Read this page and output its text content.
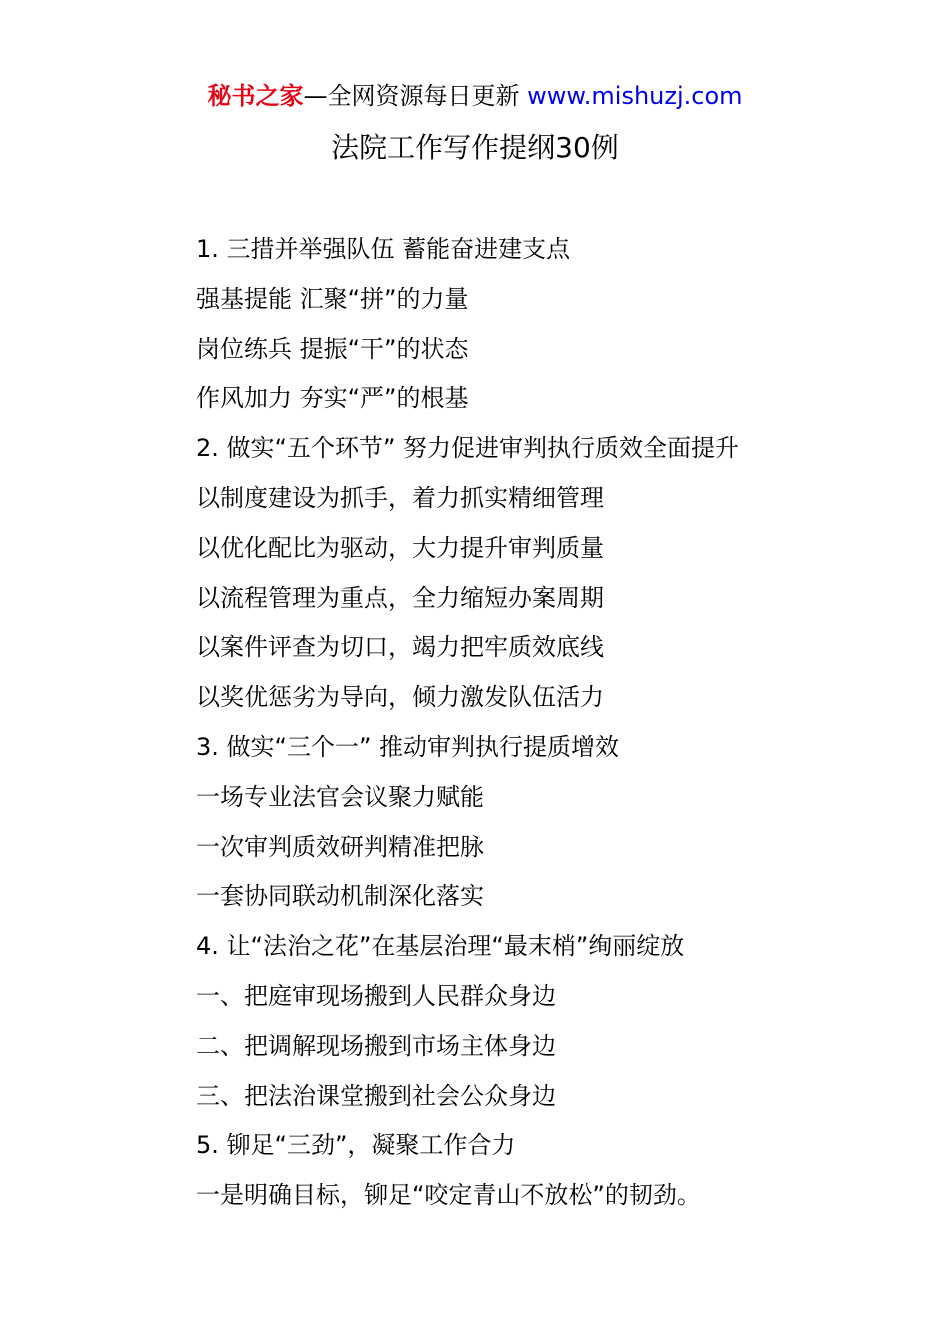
秘书之家—全网资源每日更新 www.mishuzj.com
法院工作写作提纲30例
1. 三措并举强队伍 蓄能奋进建支点
强基提能 汇聚“拼”的力量
岗位练兵 提振“干”的状态
作风加力 夯实“严”的根基
2. 做实“五个环节” 努力促进审判执行质效全面提升
以制度建设为抓手，着力抓实精细管理
以优化配比为驱动，大力提升审判质量
以流程管理为重点，全力缩短办案周期
以案件评查为切口，竭力把牢质效底线
以奖优惩劣为导向，倾力激发队伍活力
3. 做实“三个一” 推动审判执行提质增效
一场专业法官会议聚力赋能
一次审判质效研判精准把脉
一套协同联动机制深化落实
4. 让“法治之花”在基层治理“最末梢”绚丽绽放
一、把庭审现场搬到人民群众身边
二、把调解现场搬到市场主体身边
三、把法治课堂搬到社会公众身边
5. 铆足“三劲”，凝聚工作合力
一是明确目标，铆足“咬定青山不放松”的韧劲。
